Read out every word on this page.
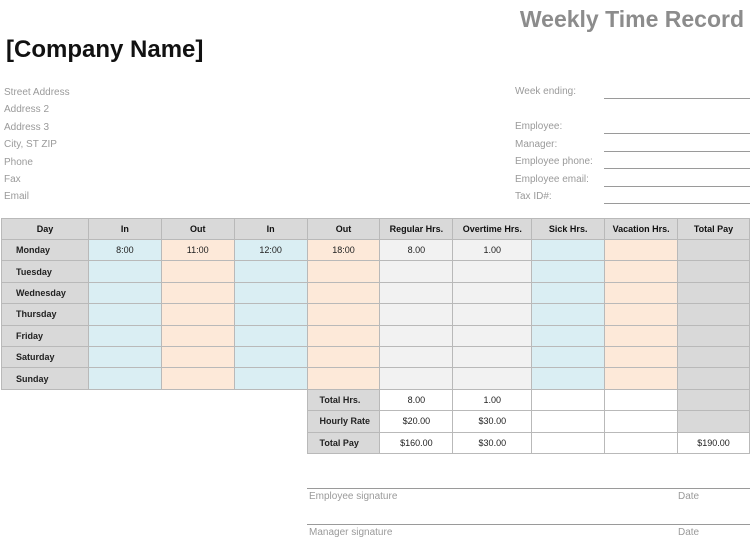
Weekly Time Record
[Company Name]
Street Address
Address 2
Address 3
City, ST ZIP
Phone
Fax
Email
Week ending:
Employee:
Manager:
Employee phone:
Employee email:
Tax ID#:
Day	In	Out	In	Out	Regular Hrs.	Overtime Hrs.	Sick Hrs.	Vacation Hrs.	Total Pay
Monday	8:00	11:00	12:00	18:00	8.00	1.00			
Tuesday									
Wednesday									
Thursday									
Friday									
Saturday									
Sunday									
				Total Hrs.	8.00	1.00			
				Hourly Rate	$20.00	$30.00			
				Total Pay	$160.00	$30.00			$190.00
Employee signature	Date
Manager signature	Date
